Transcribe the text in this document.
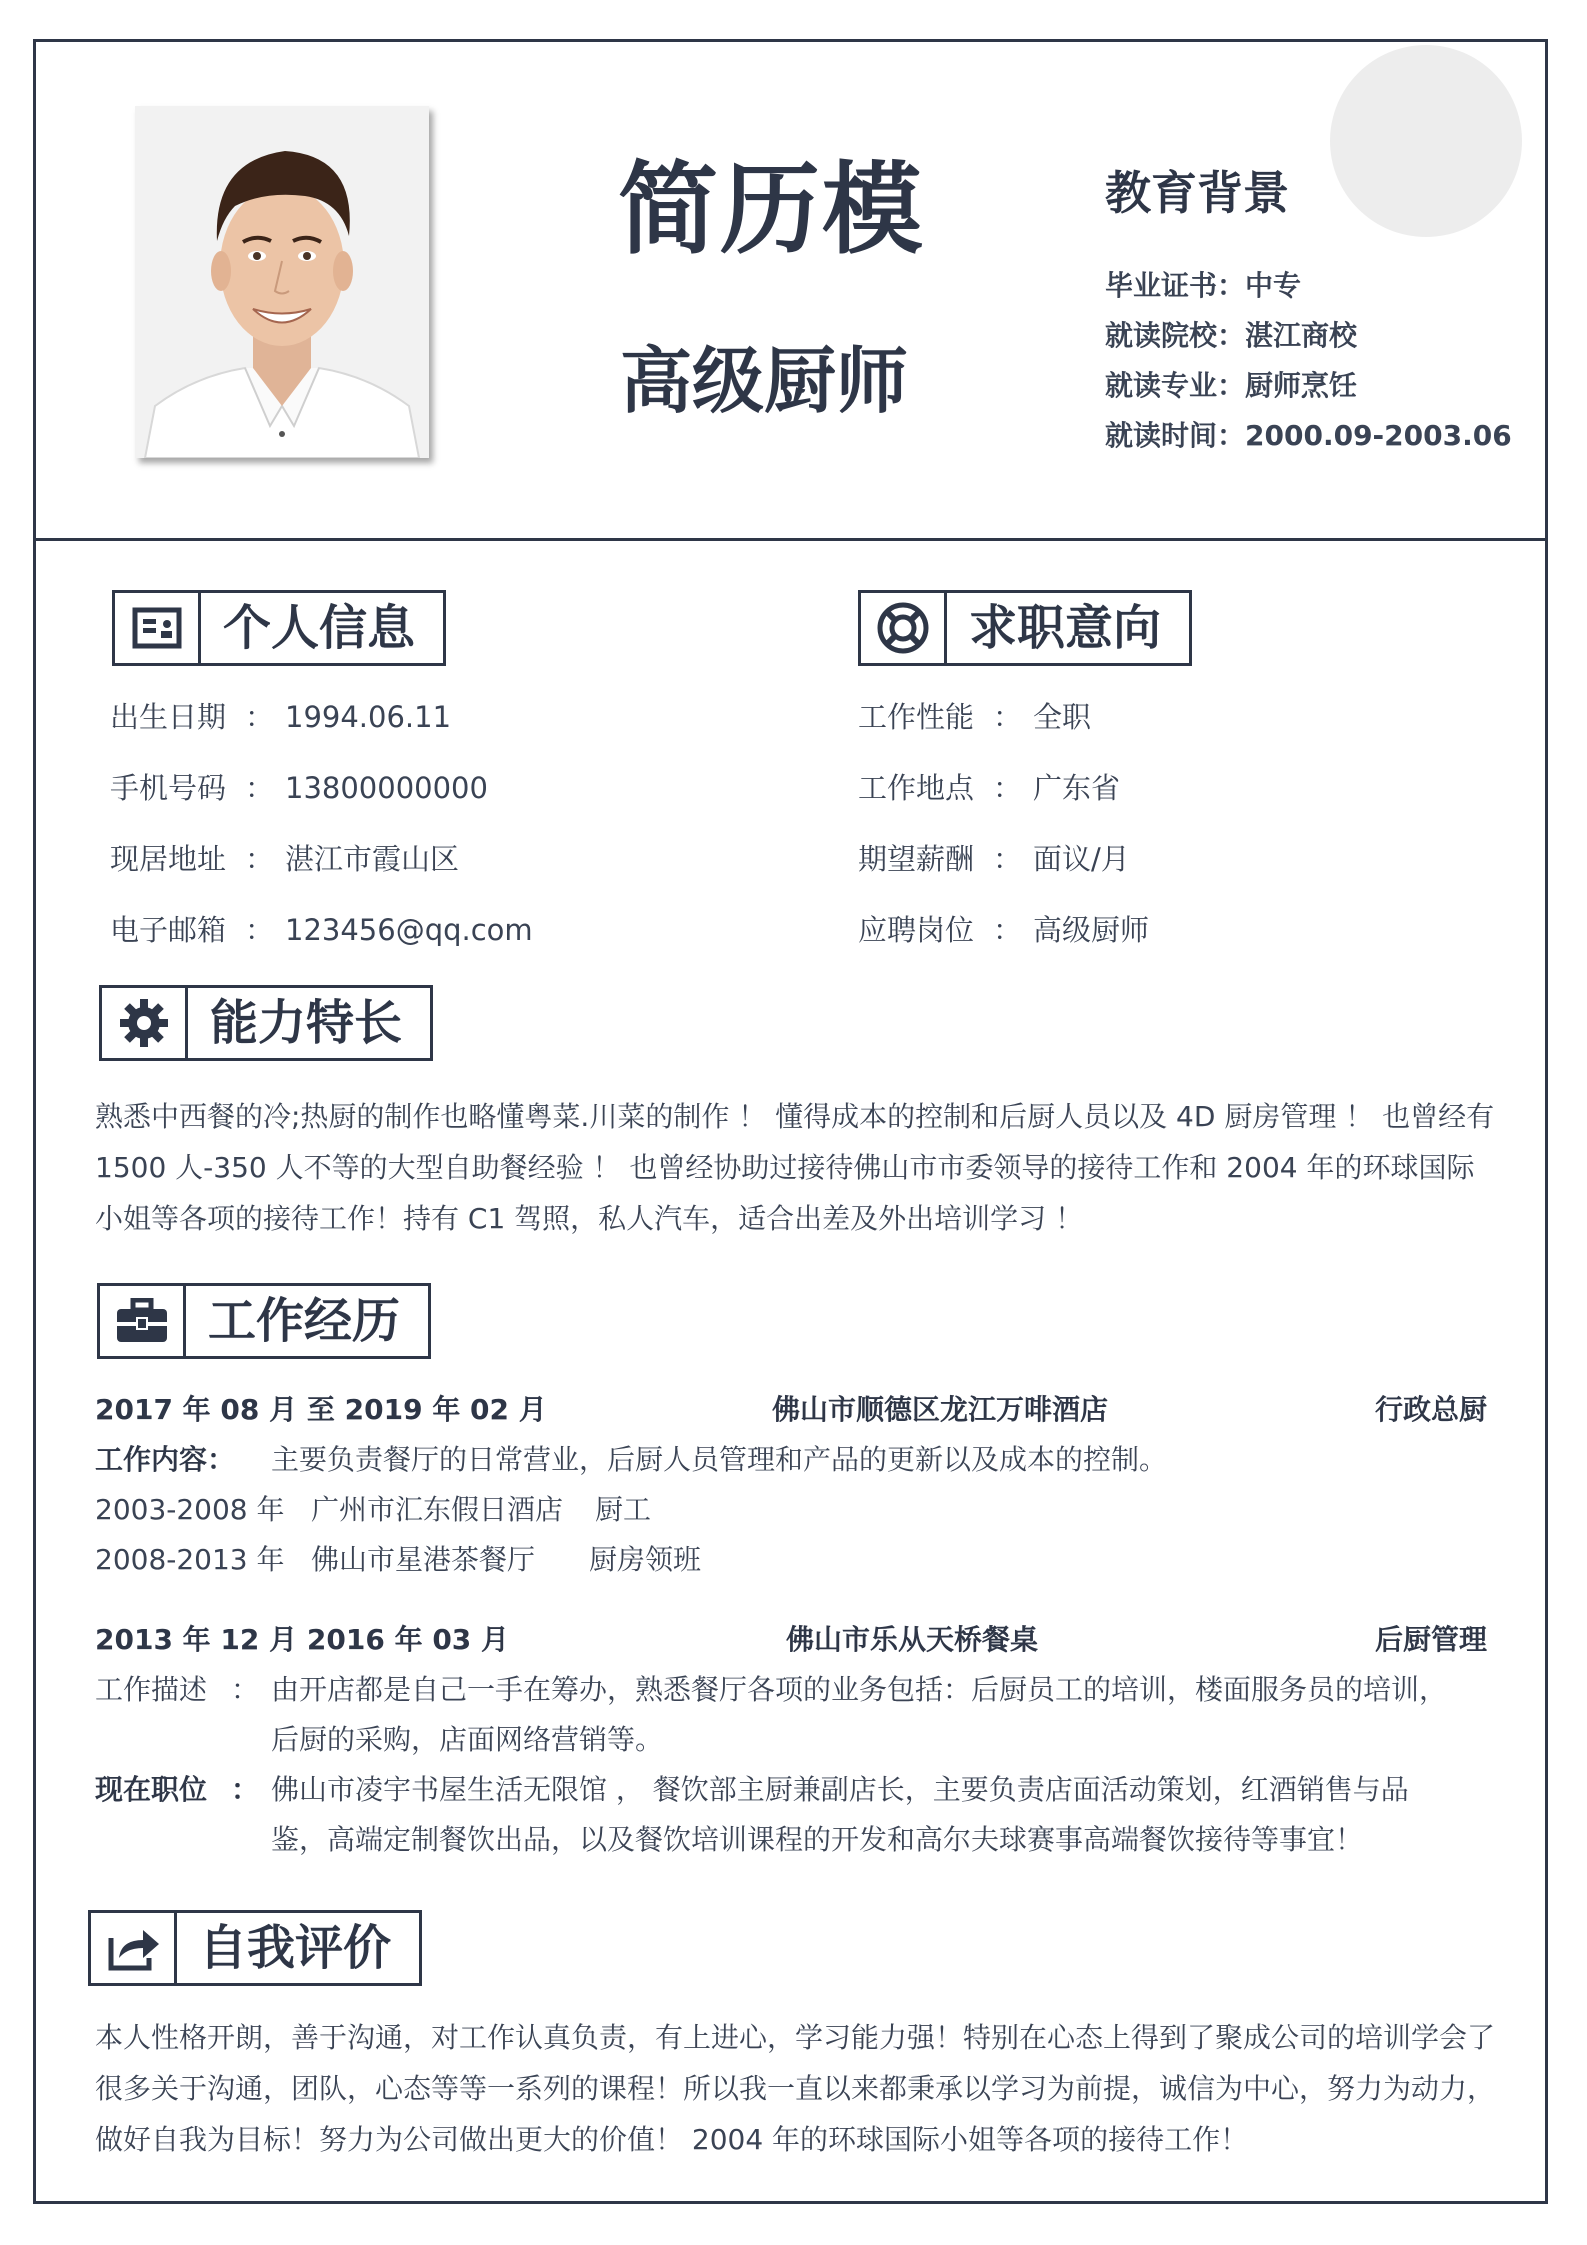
简历模
高级厨师
教育背景
毕业证书：中专
就读院校：湛江商校
就读专业：厨师烹饪
就读时间：2000.09-2003.06
个人信息
出生日期 ： 1994.06.11
手机号码 ： 13800000000
现居地址 ： 湛江市霞山区
电子邮箱 ： 123456@qq.com
求职意向
工作性能 ： 全职
工作地点 ： 广东省
期望薪酬 ： 面议/月
应聘岗位 ： 高级厨师
能力特长
熟悉中西餐的冷;热厨的制作也略懂粤菜.川菜的制作 ！ 懂得成本的控制和后厨人员以及 4D 厨房管理 ！ 也曾经有 1500 人-350 人不等的大型自助餐经验 ！ 也曾经协助过接待佛山市市委领导的接待工作和 2004 年的环球国际小姐等各项的接待工作！持有 C1 驾照，私人汽车，适合出差及外出培训学习 ！
工作经历
2017 年 08 月 至 2019 年 02 月	佛山市顺德区龙江万啡酒店	行政总厨
工作内容： 主要负责餐厅的日常营业，后厨人员管理和产品的更新以及成本的控制。
2003-2008 年 广州市汇东假日酒店 厨工
2008-2013 年 佛山市星港茶餐厅 厨房领班
2013 年 12 月 2016 年 03 月	佛山市乐从天桥餐桌	后厨管理
工作描述 ： 由开店都是自己一手在筹办，熟悉餐厅各项的业务包括：后厨员工的培训，楼面服务员的培训，
后厨的采购，店面网络营销等。
现在职位 ： 佛山市凌宇书屋生活无限馆 ， 餐饮部主厨兼副店长，主要负责店面活动策划，红酒销售与品
鉴，高端定制餐饮出品，以及餐饮培训课程的开发和高尔夫球赛事高端餐饮接待等事宜！
自我评价
本人性格开朗，善于沟通，对工作认真负责，有上进心，学习能力强！特别在心态上得到了聚成公司的培训学会了很多关于沟通，团队，心态等等一系列的课程！所以我一直以来都秉承以学习为前提，诚信为中心，努力为动力，做好自我为目标！努力为公司做出更大的价值！ 2004 年的环球国际小姐等各项的接待工作！
